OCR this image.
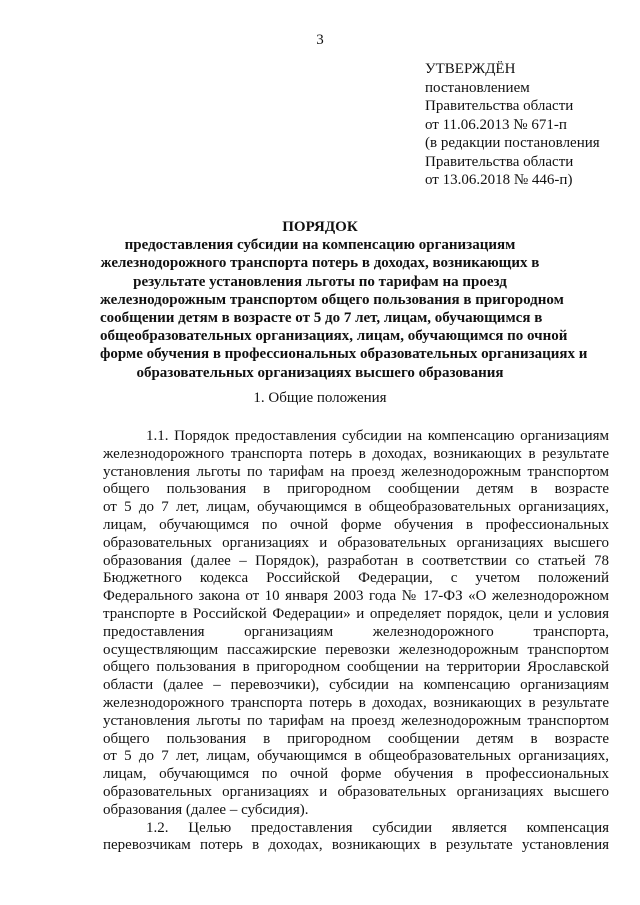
3
УТВЕРЖДЁН
постановлением
Правительства области
от 11.06.2013 № 671-п
(в редакции постановления
Правительства области
от 13.06.2018 № 446-п)
ПОРЯДОК
предоставления субсидии на компенсацию организациям
железнодорожного транспорта потерь в доходах, возникающих в
результате установления льготы по тарифам на проезд
железнодорожным транспортом общего пользования в пригородном
сообщении детям в возрасте от 5 до 7 лет, лицам, обучающимся в
общеобразовательных организациях, лицам, обучающимся по очной
форме обучения в профессиональных образовательных организациях и
образовательных организациях высшего образования
1. Общие положения
1.1. Порядок предоставления субсидии на компенсацию организациям
железнодорожного транспорта потерь в доходах, возникающих в результате
установления льготы по тарифам на проезд железнодорожным транспортом
общего пользования в пригородном сообщении детям в возрасте
от 5 до 7 лет, лицам, обучающимся в общеобразовательных организациях,
лицам, обучающимся по очной форме обучения в профессиональных
образовательных организациях и образовательных организациях высшего
образования (далее – Порядок), разработан в соответствии со статьей 78
Бюджетного кодекса Российской Федерации, с учетом положений
Федерального закона от 10 января 2003 года № 17-ФЗ «О железнодорожном
транспорте в Российской Федерации» и определяет порядок, цели и условия
предоставления организациям железнодорожного транспорта,
осуществляющим пассажирские перевозки железнодорожным транспортом
общего пользования в пригородном сообщении на территории Ярославской
области (далее – перевозчики), субсидии на компенсацию организациям
железнодорожного транспорта потерь в доходах, возникающих в результате
установления льготы по тарифам на проезд железнодорожным транспортом
общего пользования в пригородном сообщении детям в возрасте
от 5 до 7 лет, лицам, обучающимся в общеобразовательных организациях,
лицам, обучающимся по очной форме обучения в профессиональных
образовательных организациях и образовательных организациях высшего
образования (далее – субсидия).
1.2. Целью предоставления субсидии является компенсация
перевозчикам потерь в доходах, возникающих в результате установления
